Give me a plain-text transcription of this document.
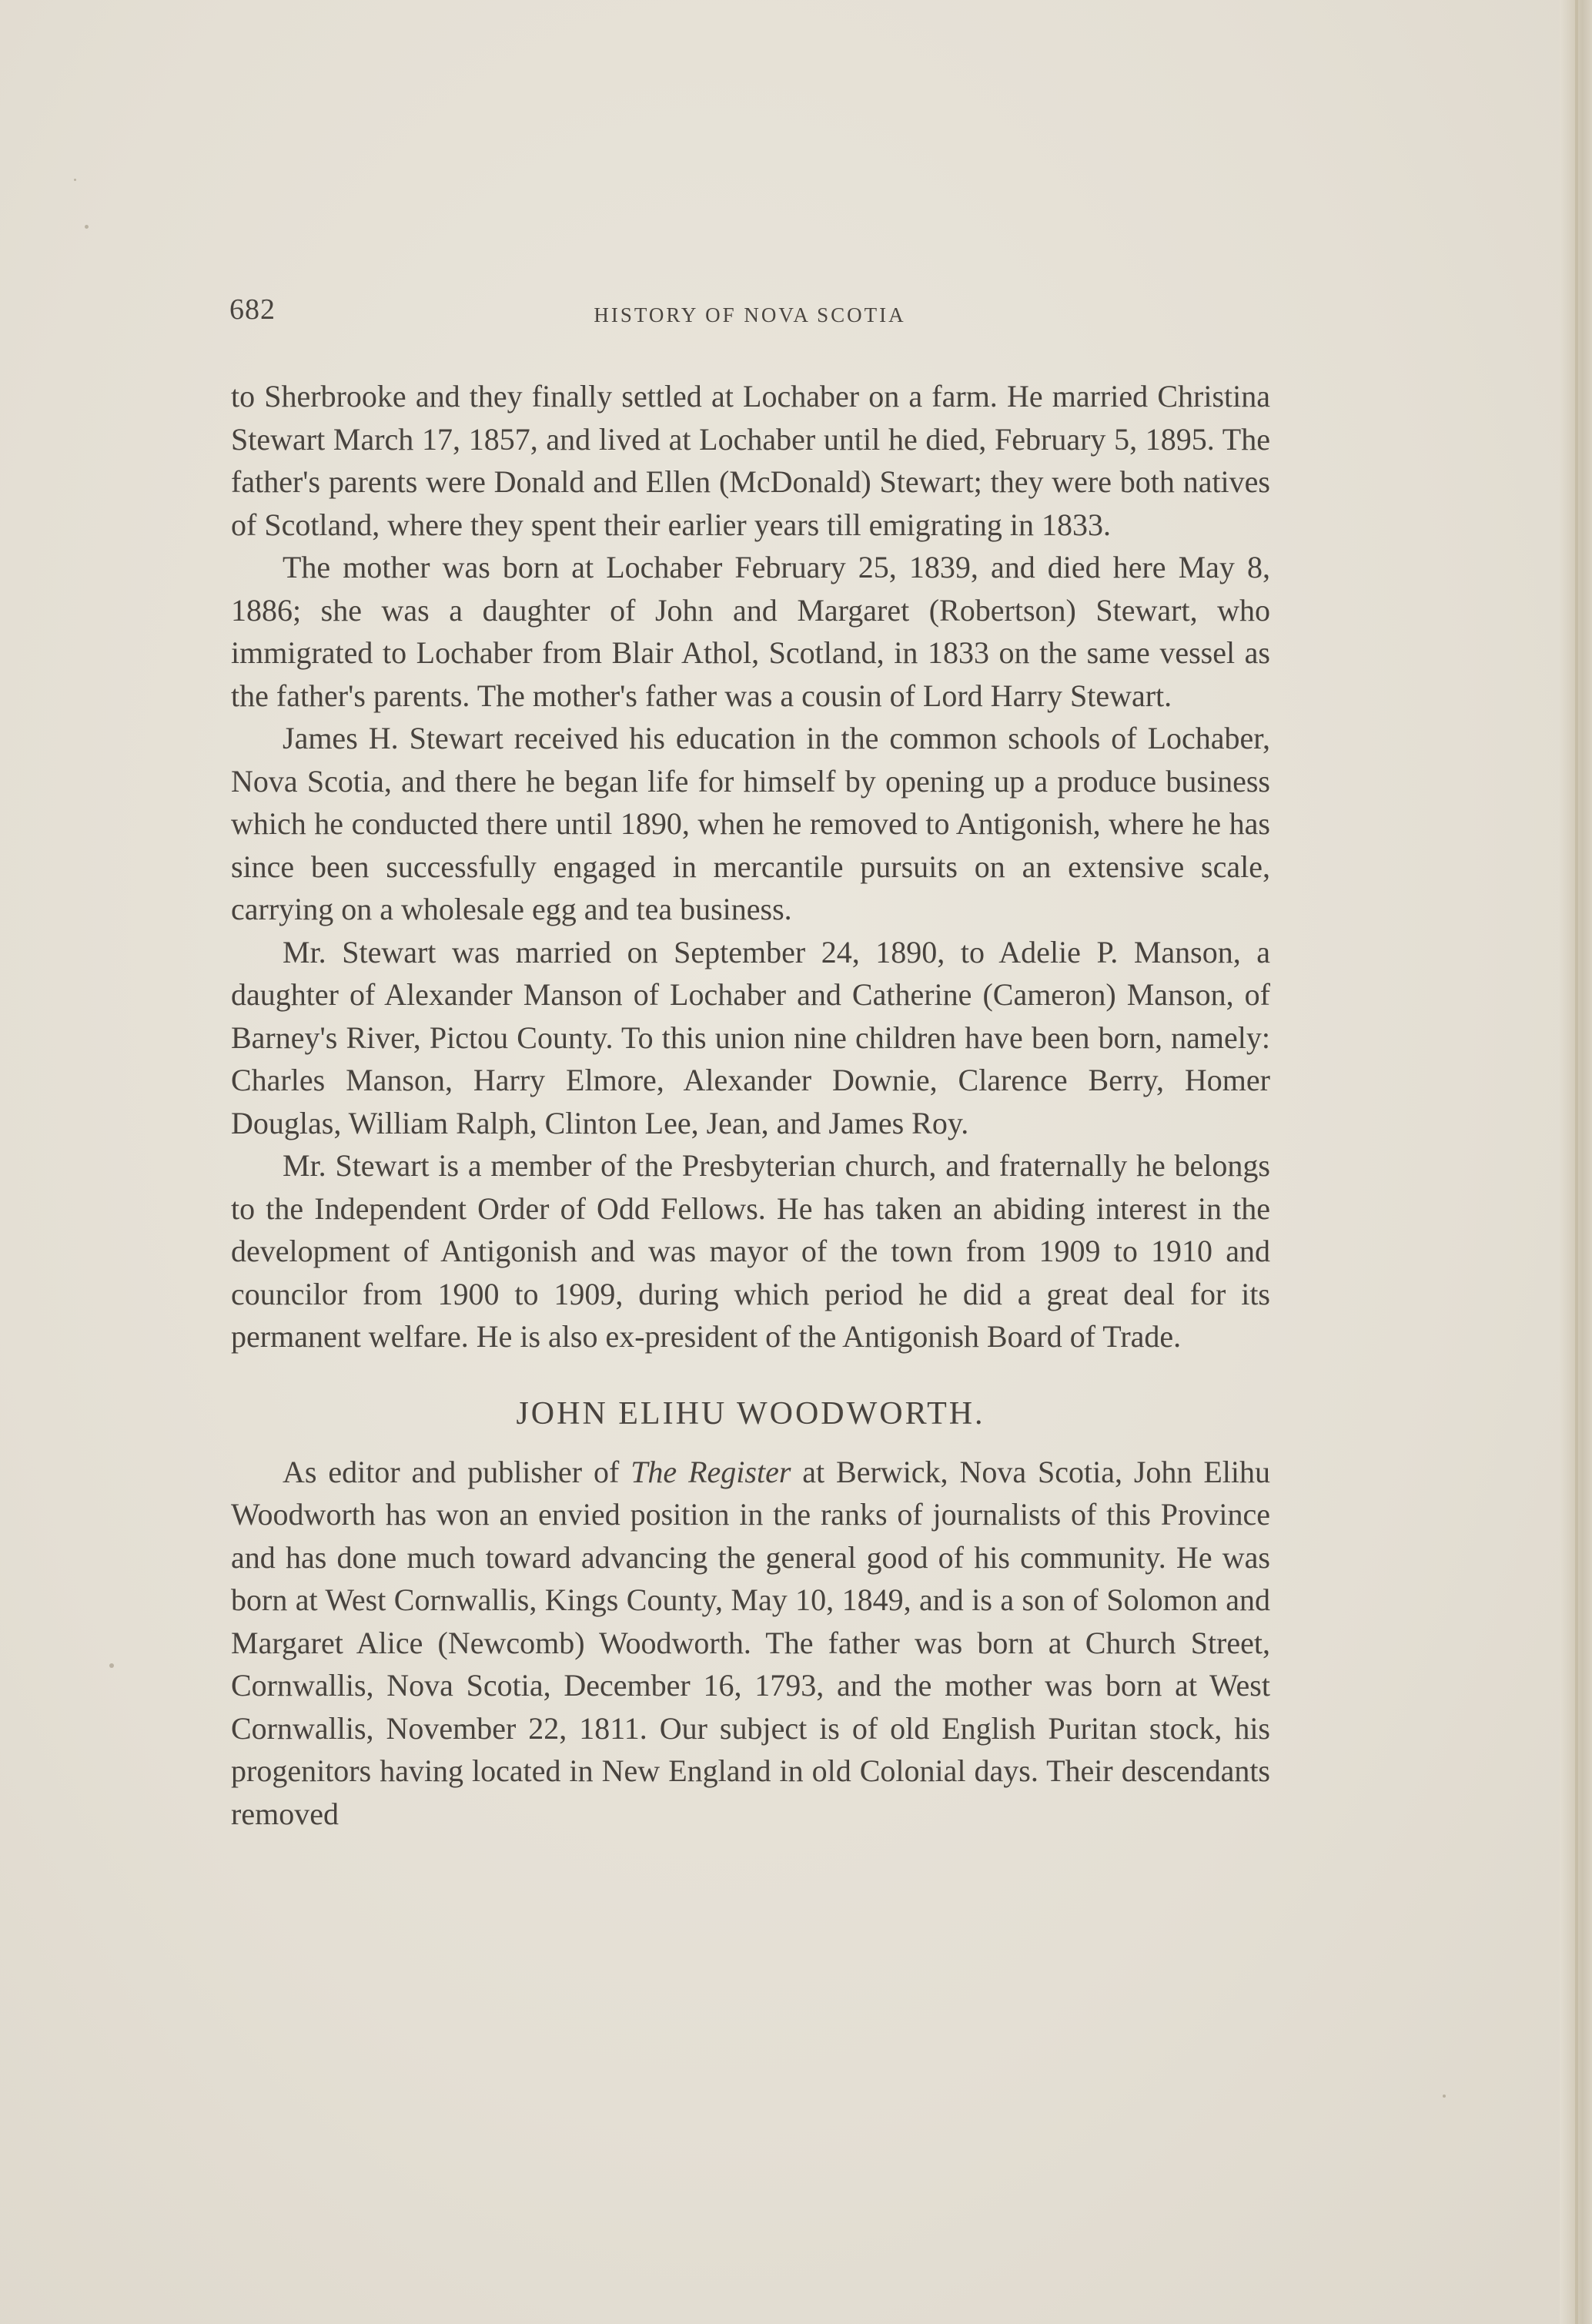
682	HISTORY OF NOVA SCOTIA

to Sherbrooke and they finally settled at Lochaber on a farm. He married Christina Stewart March 17, 1857, and lived at Lochaber until he died, February 5, 1895. The father's parents were Donald and Ellen (McDonald) Stewart; they were both natives of Scotland, where they spent their earlier years till emigrating in 1833.

The mother was born at Lochaber February 25, 1839, and died here May 8, 1886; she was a daughter of John and Margaret (Robertson) Stewart, who immigrated to Lochaber from Blair Athol, Scotland, in 1833 on the same vessel as the father's parents. The mother's father was a cousin of Lord Harry Stewart.

James H. Stewart received his education in the common schools of Lochaber, Nova Scotia, and there he began life for himself by opening up a produce business which he conducted there until 1890, when he removed to Antigonish, where he has since been successfully engaged in mercantile pursuits on an extensive scale, carrying on a wholesale egg and tea business.

Mr. Stewart was married on September 24, 1890, to Adelie P. Manson, a daughter of Alexander Manson of Lochaber and Catherine (Cameron) Manson, of Barney's River, Pictou County. To this union nine children have been born, namely: Charles Manson, Harry Elmore, Alexander Downie, Clarence Berry, Homer Douglas, William Ralph, Clinton Lee, Jean, and James Roy.

Mr. Stewart is a member of the Presbyterian church, and fraternally he belongs to the Independent Order of Odd Fellows. He has taken an abiding interest in the development of Antigonish and was mayor of the town from 1909 to 1910 and councilor from 1900 to 1909, during which period he did a great deal for its permanent welfare. He is also ex-president of the Antigonish Board of Trade.

JOHN ELIHU WOODWORTH.

As editor and publisher of The Register at Berwick, Nova Scotia, John Elihu Woodworth has won an envied position in the ranks of journalists of this Province and has done much toward advancing the general good of his community. He was born at West Cornwallis, Kings County, May 10, 1849, and is a son of Solomon and Margaret Alice (Newcomb) Woodworth. The father was born at Church Street, Cornwallis, Nova Scotia, December 16, 1793, and the mother was born at West Cornwallis, November 22, 1811. Our subject is of old English Puritan stock, his progenitors having located in New England in old Colonial days. Their descendants removed
